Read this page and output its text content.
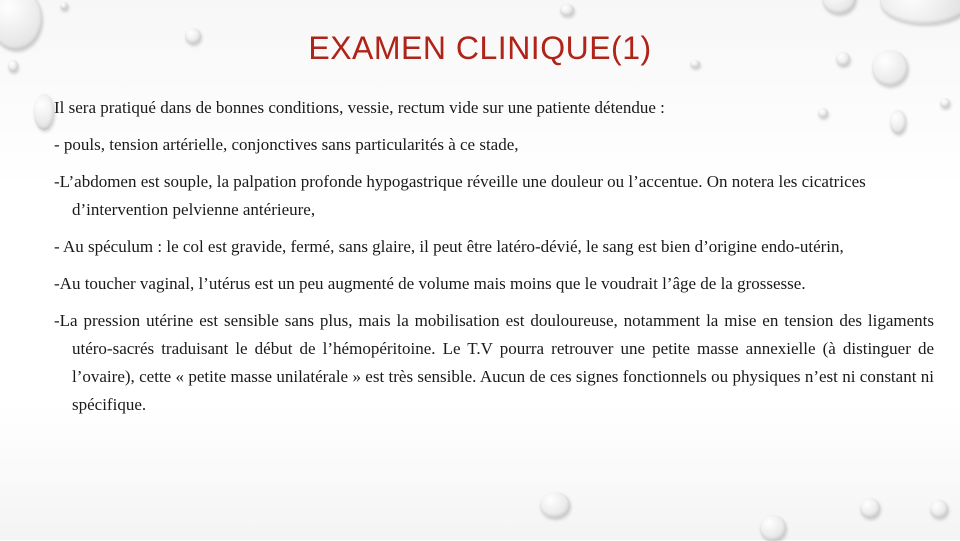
EXAMEN CLINIQUE(1)

Il sera pratiqué dans de bonnes conditions, vessie, rectum vide sur une patiente détendue :

- pouls, tension artérielle, conjonctives sans particularités à ce stade,

-L’abdomen est souple, la palpation profonde hypogastrique réveille une douleur ou l’accentue. On notera les cicatrices d’intervention pelvienne antérieure,

- Au spéculum : le col est gravide, fermé, sans glaire, il peut être latéro-dévié, le sang est bien d’origine endo-utérin,

-Au toucher vaginal, l’utérus est un peu augmenté de volume mais moins que le voudrait l’âge de la grossesse.

-La pression utérine est sensible sans plus, mais la mobilisation est douloureuse, notamment la mise en tension des ligaments utéro-sacrés traduisant le début de l’hémopéritoine. Le T.V pourra retrouver une petite masse annexielle (à distinguer de l’ovaire), cette « petite masse unilatérale » est très sensible. Aucun de ces signes fonctionnels ou physiques n’est ni constant ni spécifique.
